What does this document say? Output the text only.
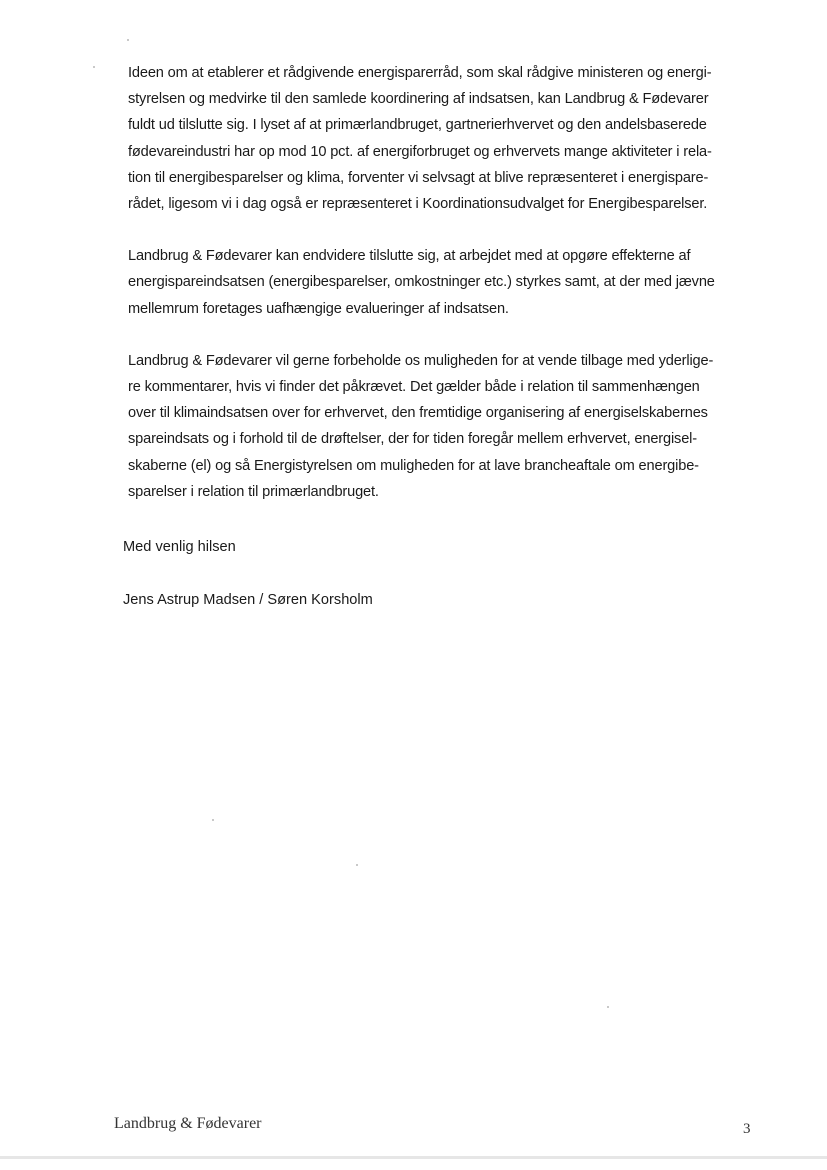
Ideen om at etablerer et rådgivende energisparerråd, som skal rådgive ministeren og energi-
styrelsen og medvirke til den samlede koordinering af indsatsen, kan Landbrug & Fødevarer
fuldt ud tilslutte sig. I lyset af at primærlandbruget, gartnerierhvervet og den andelsbaserede
fødevareindustri har op mod 10 pct. af energiforbruget og erhvervets mange aktiviteter i rela-
tion til energibesparelser og klima, forventer vi selvsagt at blive repræsenteret i energispare-
rådet, ligesom vi i dag også er repræsenteret i Koordinationsudvalget for Energibesparelser.
Landbrug & Fødevarer kan endvidere tilslutte sig, at arbejdet med at opgøre effekterne af
energispareindsatsen (energibesparelser, omkostninger etc.) styrkes samt, at der med jævne
mellemrum foretages uafhængige evalueringer af indsatsen.
Landbrug & Fødevarer vil gerne forbeholde os muligheden for at vende tilbage med yderlige-
re kommentarer, hvis vi finder det påkrævet. Det gælder både i relation til sammenhængen
over til klimaindsatsen over for erhvervet, den fremtidige organisering af energiselskabernes
spareindsats og i forhold til de drøftelser, der for tiden foregår mellem erhvervet, energisel-
skaberne (el) og så Energistyrelsen om muligheden for at lave brancheaftale om energibe-
sparelser i relation til primærlandbruget.
Med venlig hilsen
Jens Astrup Madsen / Søren Korsholm
Landbrug & Fødevarer	3
